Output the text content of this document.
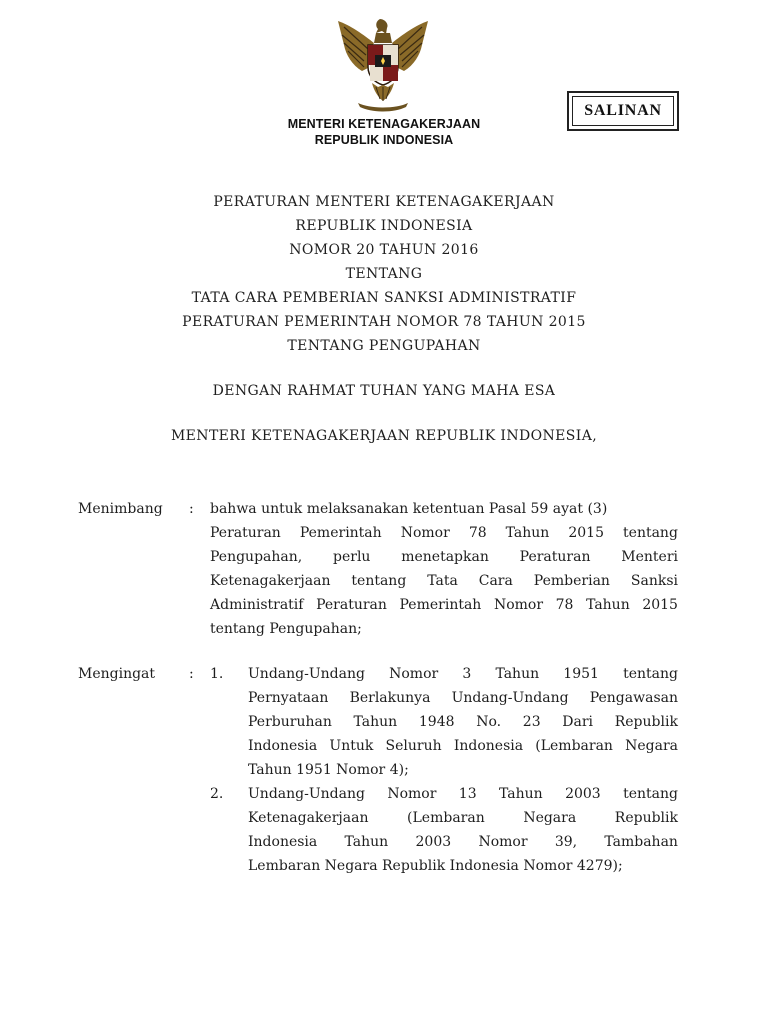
MENTERI KETENAGAKERJAAN
REPUBLIK INDONESIA
SALINAN
PERATURAN MENTERI KETENAGAKERJAAN
REPUBLIK INDONESIA
NOMOR 20 TAHUN 2016
TENTANG
TATA CARA PEMBERIAN SANKSI ADMINISTRATIF
PERATURAN PEMERINTAH NOMOR 78 TAHUN 2015
TENTANG PENGUPAHAN
DENGAN RAHMAT TUHAN YANG MAHA ESA
MENTERI KETENAGAKERJAAN REPUBLIK INDONESIA,
Menimbang : bahwa untuk melaksanakan ketentuan Pasal 59 ayat (3)
Peraturan Pemerintah Nomor 78 Tahun 2015 tentang
Pengupahan, perlu menetapkan Peraturan Menteri
Ketenagakerjaan tentang Tata Cara Pemberian Sanksi
Administratif Peraturan Pemerintah Nomor 78 Tahun 2015
tentang Pengupahan;
Mengingat : 1. Undang-Undang Nomor 3 Tahun 1951 tentang
Pernyataan Berlakunya Undang-Undang Pengawasan
Perburuhan Tahun 1948 No. 23 Dari Republik
Indonesia Untuk Seluruh Indonesia (Lembaran Negara
Tahun 1951 Nomor 4);
2. Undang-Undang Nomor 13 Tahun 2003 tentang
Ketenagakerjaan	(Lembaran	Negara	Republik
Indonesia Tahun 2003 Nomor 39, Tambahan
Lembaran Negara Republik Indonesia Nomor 4279);
